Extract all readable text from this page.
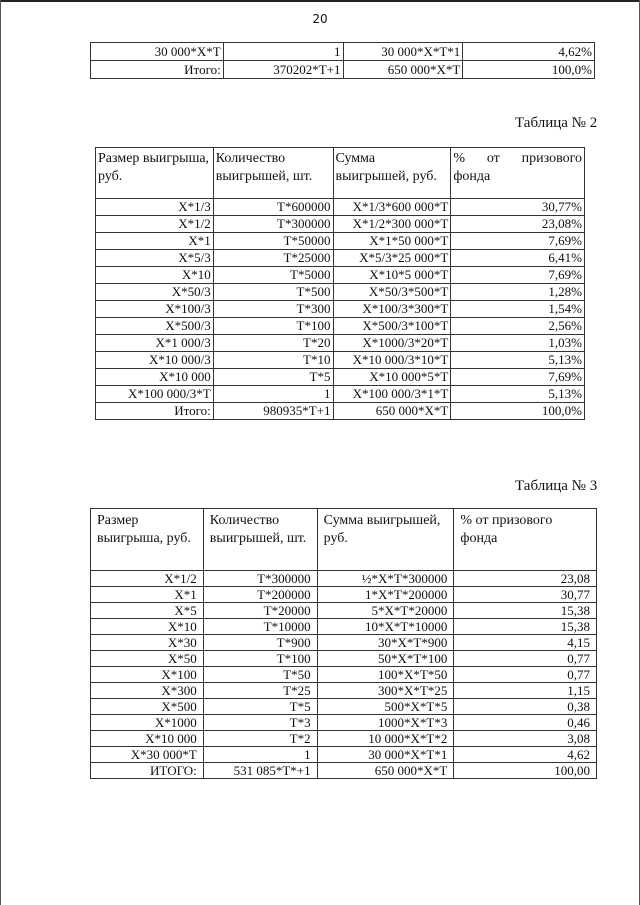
20
30 000*Х*Т	1	30 000*Х*Т*1	4,62%
Итого:	370202*Т+1	650 000*Х*Т	100,0%
Таблица № 2
Размер выигрыша, руб.	Количество выигрышей, шт.	Сумма выигрышей, руб.	% от призового фонда
Х*1/3	Т*600000	Х*1/3*600 000*Т	30,77%
Х*1/2	Т*300000	Х*1/2*300 000*Т	23,08%
Х*1	Т*50000	Х*1*50 000*Т	7,69%
Х*5/3	Т*25000	Х*5/3*25 000*Т	6,41%
Х*10	Т*5000	Х*10*5 000*Т	7,69%
Х*50/3	Т*500	Х*50/3*500*Т	1,28%
Х*100/3	Т*300	Х*100/3*300*Т	1,54%
Х*500/3	Т*100	Х*500/3*100*Т	2,56%
Х*1 000/3	Т*20	Х*1000/3*20*Т	1,03%
Х*10 000/3	Т*10	Х*10 000/3*10*Т	5,13%
Х*10 000	Т*5	Х*10 000*5*Т	7,69%
Х*100 000/3*Т	1	Х*100 000/3*1*Т	5,13%
Итого:	980935*Т+1	650 000*Х*Т	100,0%
Таблица № 3
Размер выигрыша, руб.	Количество выигрышей, шт.	Сумма выигрышей, руб.	% от призового фонда
Х*1/2	Т*300000	½*Х*Т*300000	23,08
Х*1	Т*200000	1*Х*Т*200000	30,77
Х*5	Т*20000	5*Х*Т*20000	15,38
Х*10	Т*10000	10*Х*Т*10000	15,38
Х*30	Т*900	30*Х*Т*900	4,15
Х*50	Т*100	50*Х*Т*100	0,77
Х*100	Т*50	100*Х*Т*50	0,77
Х*300	Т*25	300*Х*Т*25	1,15
Х*500	Т*5	500*Х*Т*5	0,38
Х*1000	Т*3	1000*Х*Т*3	0,46
Х*10 000	Т*2	10 000*Х*Т*2	3,08
Х*30 000*Т	1	30 000*Х*Т*1	4,62
ИТОГО:	531 085*Т*+1	650 000*Х*Т	100,00
